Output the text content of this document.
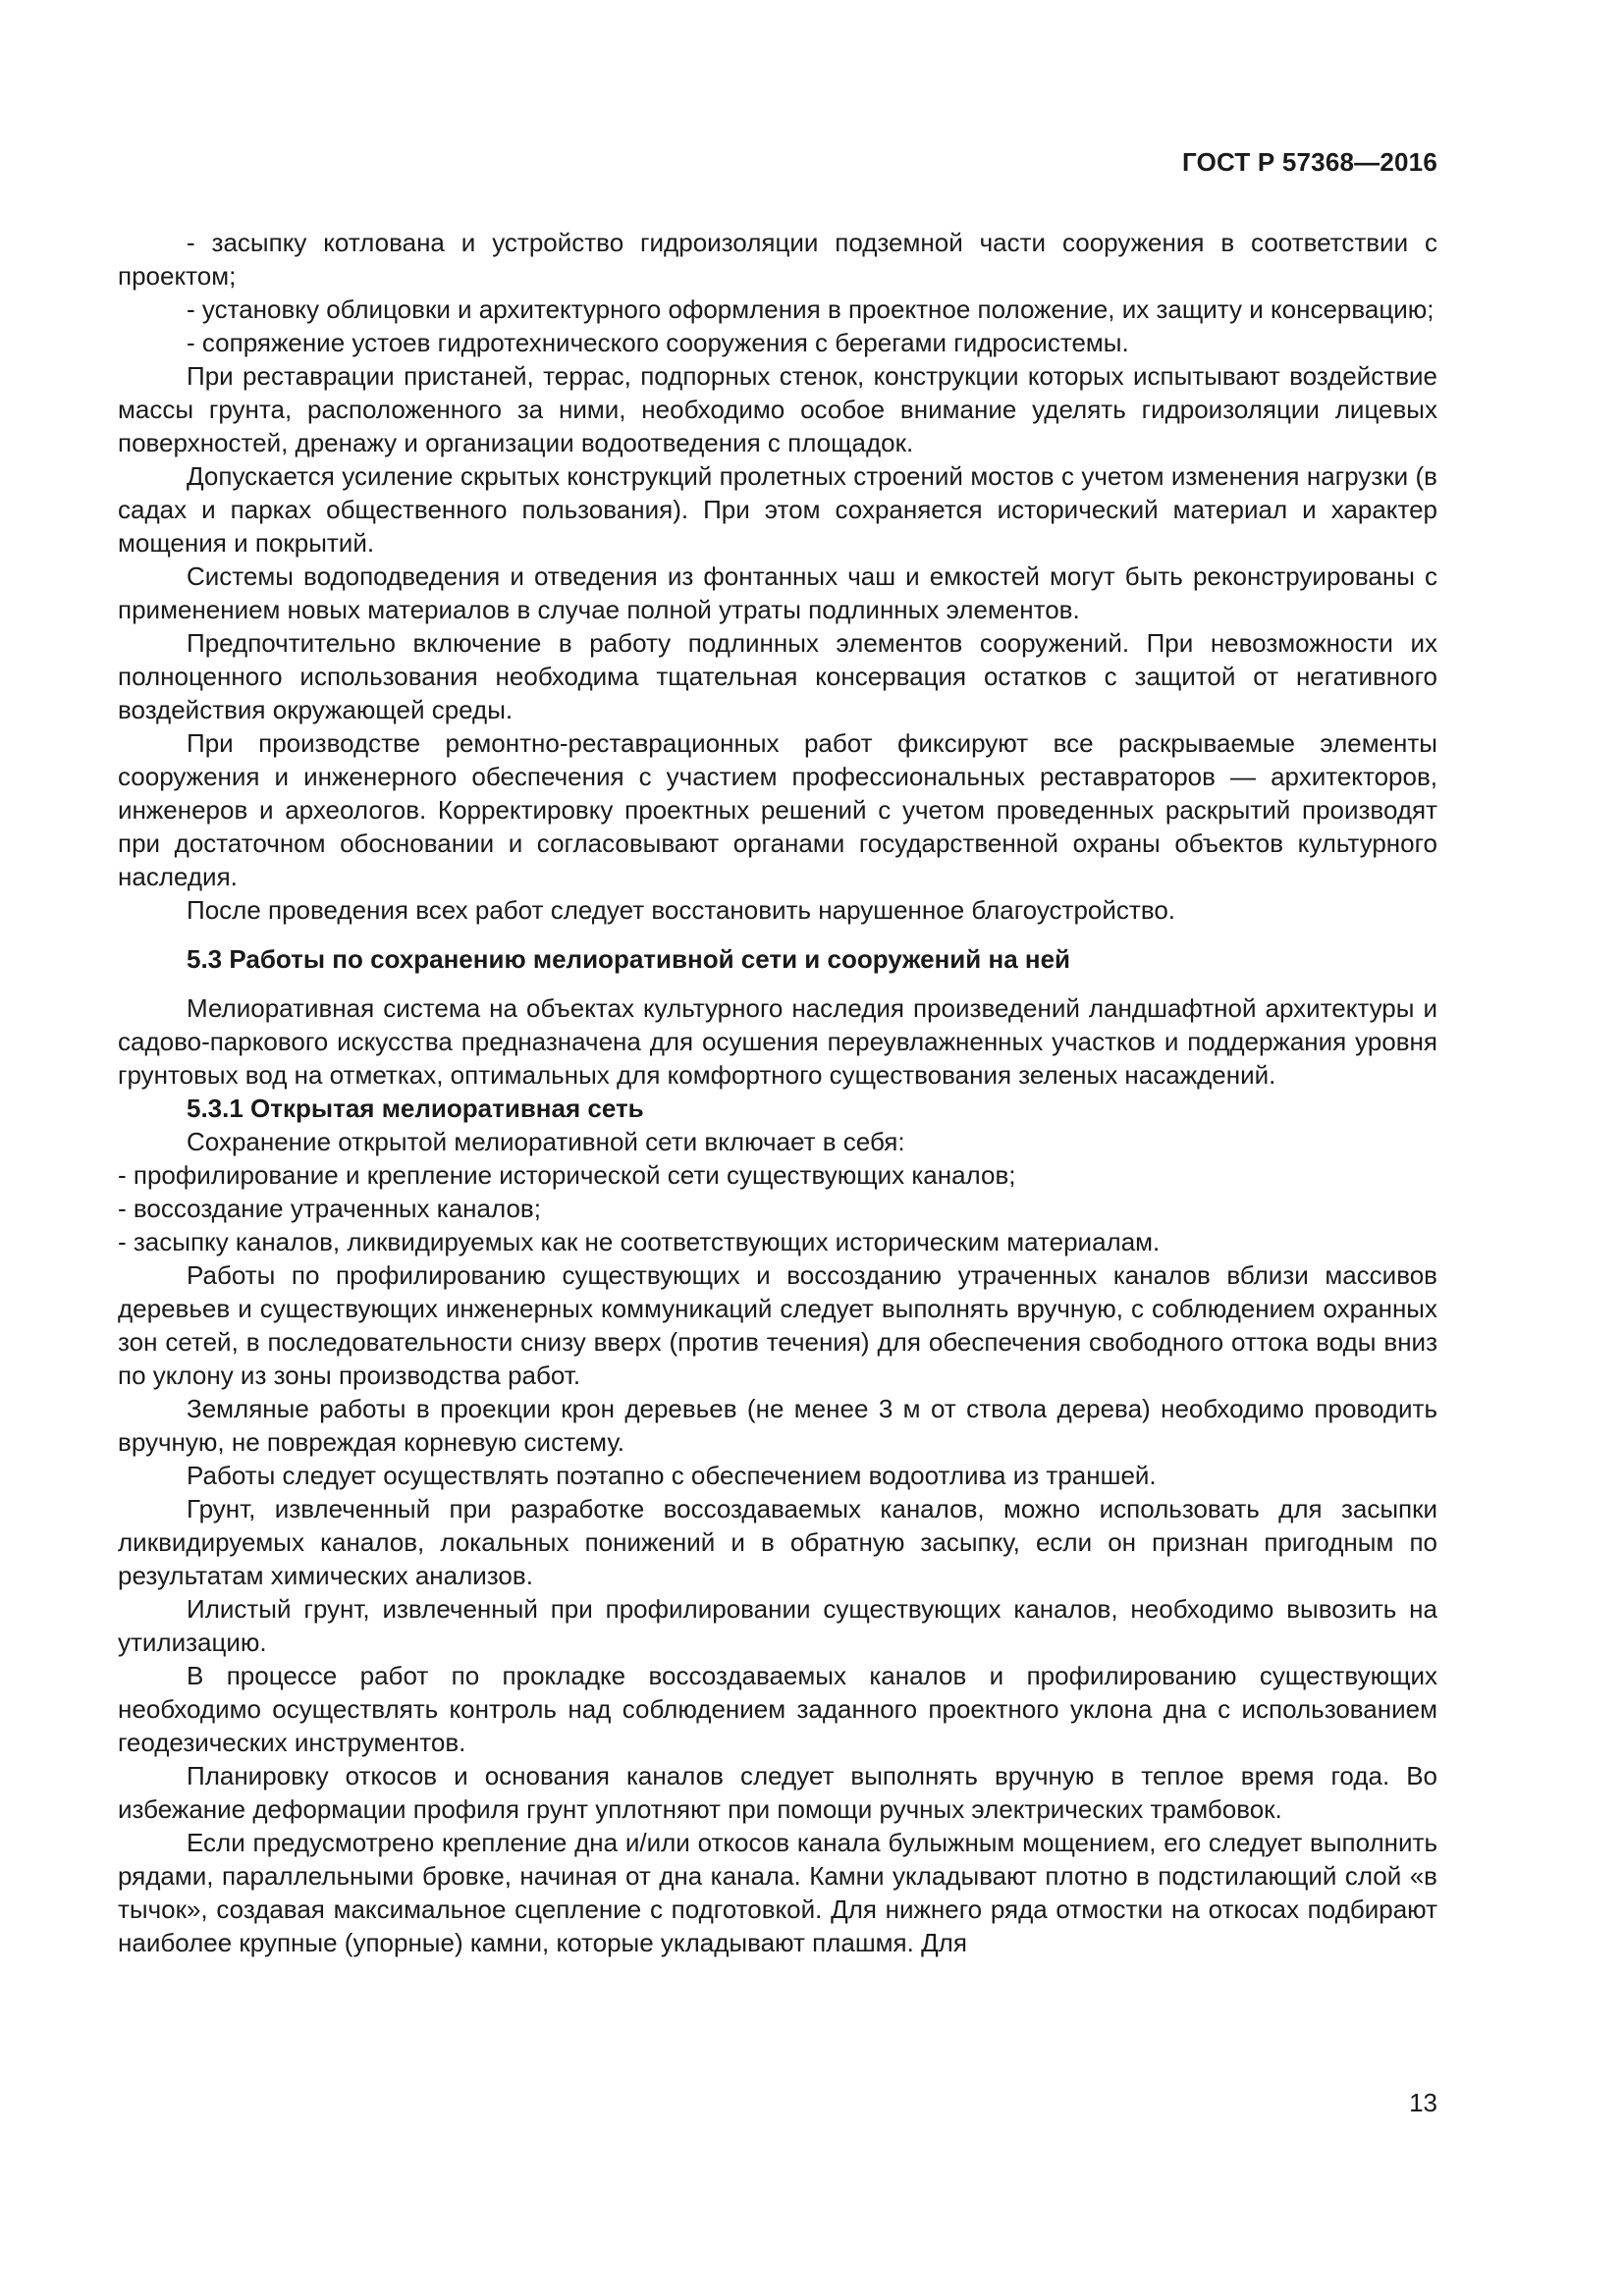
ГОСТ Р 57368—2016

- засыпку котлована и устройство гидроизоляции подземной части сооружения в соответствии с проектом;

- установку облицовки и архитектурного оформления в проектное положение, их защиту и консервацию;

- сопряжение устоев гидротехнического сооружения с берегами гидросистемы.

При реставрации пристаней, террас, подпорных стенок, конструкции которых испытывают воздействие массы грунта, расположенного за ними, необходимо особое внимание уделять гидроизоляции лицевых поверхностей, дренажу и организации водоотведения с площадок.

Допускается усиление скрытых конструкций пролетных строений мостов с учетом изменения нагрузки (в садах и парках общественного пользования). При этом сохраняется исторический материал и характер мощения и покрытий.

Системы водоподведения и отведения из фонтанных чаш и емкостей могут быть реконструированы с применением новых материалов в случае полной утраты подлинных элементов.

Предпочтительно включение в работу подлинных элементов сооружений. При невозможности их полноценного использования необходима тщательная консервация остатков с защитой от негативного воздействия окружающей среды.

При производстве ремонтно-реставрационных работ фиксируют все раскрываемые элементы сооружения и инженерного обеспечения с участием профессиональных реставраторов — архитекторов, инженеров и археологов. Корректировку проектных решений с учетом проведенных раскрытий производят при достаточном обосновании и согласовывают органами государственной охраны объектов культурного наследия.

После проведения всех работ следует восстановить нарушенное благоустройство.

5.3 Работы по сохранению мелиоративной сети и сооружений на ней

Мелиоративная система на объектах культурного наследия произведений ландшафтной архитектуры и садово-паркового искусства предназначена для осушения переувлажненных участков и поддержания уровня грунтовых вод на отметках, оптимальных для комфортного существования зеленых насаждений.

5.3.1 Открытая мелиоративная сеть

Сохранение открытой мелиоративной сети включает в себя:

- профилирование и крепление исторической сети существующих каналов;

- воссоздание утраченных каналов;

- засыпку каналов, ликвидируемых как не соответствующих историческим материалам.

Работы по профилированию существующих и воссозданию утраченных каналов вблизи массивов деревьев и существующих инженерных коммуникаций следует выполнять вручную, с соблюдением охранных зон сетей, в последовательности снизу вверх (против течения) для обеспечения свободного оттока воды вниз по уклону из зоны производства работ.

Земляные работы в проекции крон деревьев (не менее 3 м от ствола дерева) необходимо проводить вручную, не повреждая корневую систему.

Работы следует осуществлять поэтапно с обеспечением водоотлива из траншей.

Грунт, извлеченный при разработке воссоздаваемых каналов, можно использовать для засыпки ликвидируемых каналов, локальных понижений и в обратную засыпку, если он признан пригодным по результатам химических анализов.

Илистый грунт, извлеченный при профилировании существующих каналов, необходимо вывозить на утилизацию.

В процессе работ по прокладке воссоздаваемых каналов и профилированию существующих необходимо осуществлять контроль над соблюдением заданного проектного уклона дна с использованием геодезических инструментов.

Планировку откосов и основания каналов следует выполнять вручную в теплое время года. Во избежание деформации профиля грунт уплотняют при помощи ручных электрических трамбовок.

Если предусмотрено крепление дна и/или откосов канала булыжным мощением, его следует выполнить рядами, параллельными бровке, начиная от дна канала. Камни укладывают плотно в подстилающий слой «в тычок», создавая максимальное сцепление с подготовкой. Для нижнего ряда отмостки на откосах подбирают наиболее крупные (упорные) камни, которые укладывают плашмя. Для

13
